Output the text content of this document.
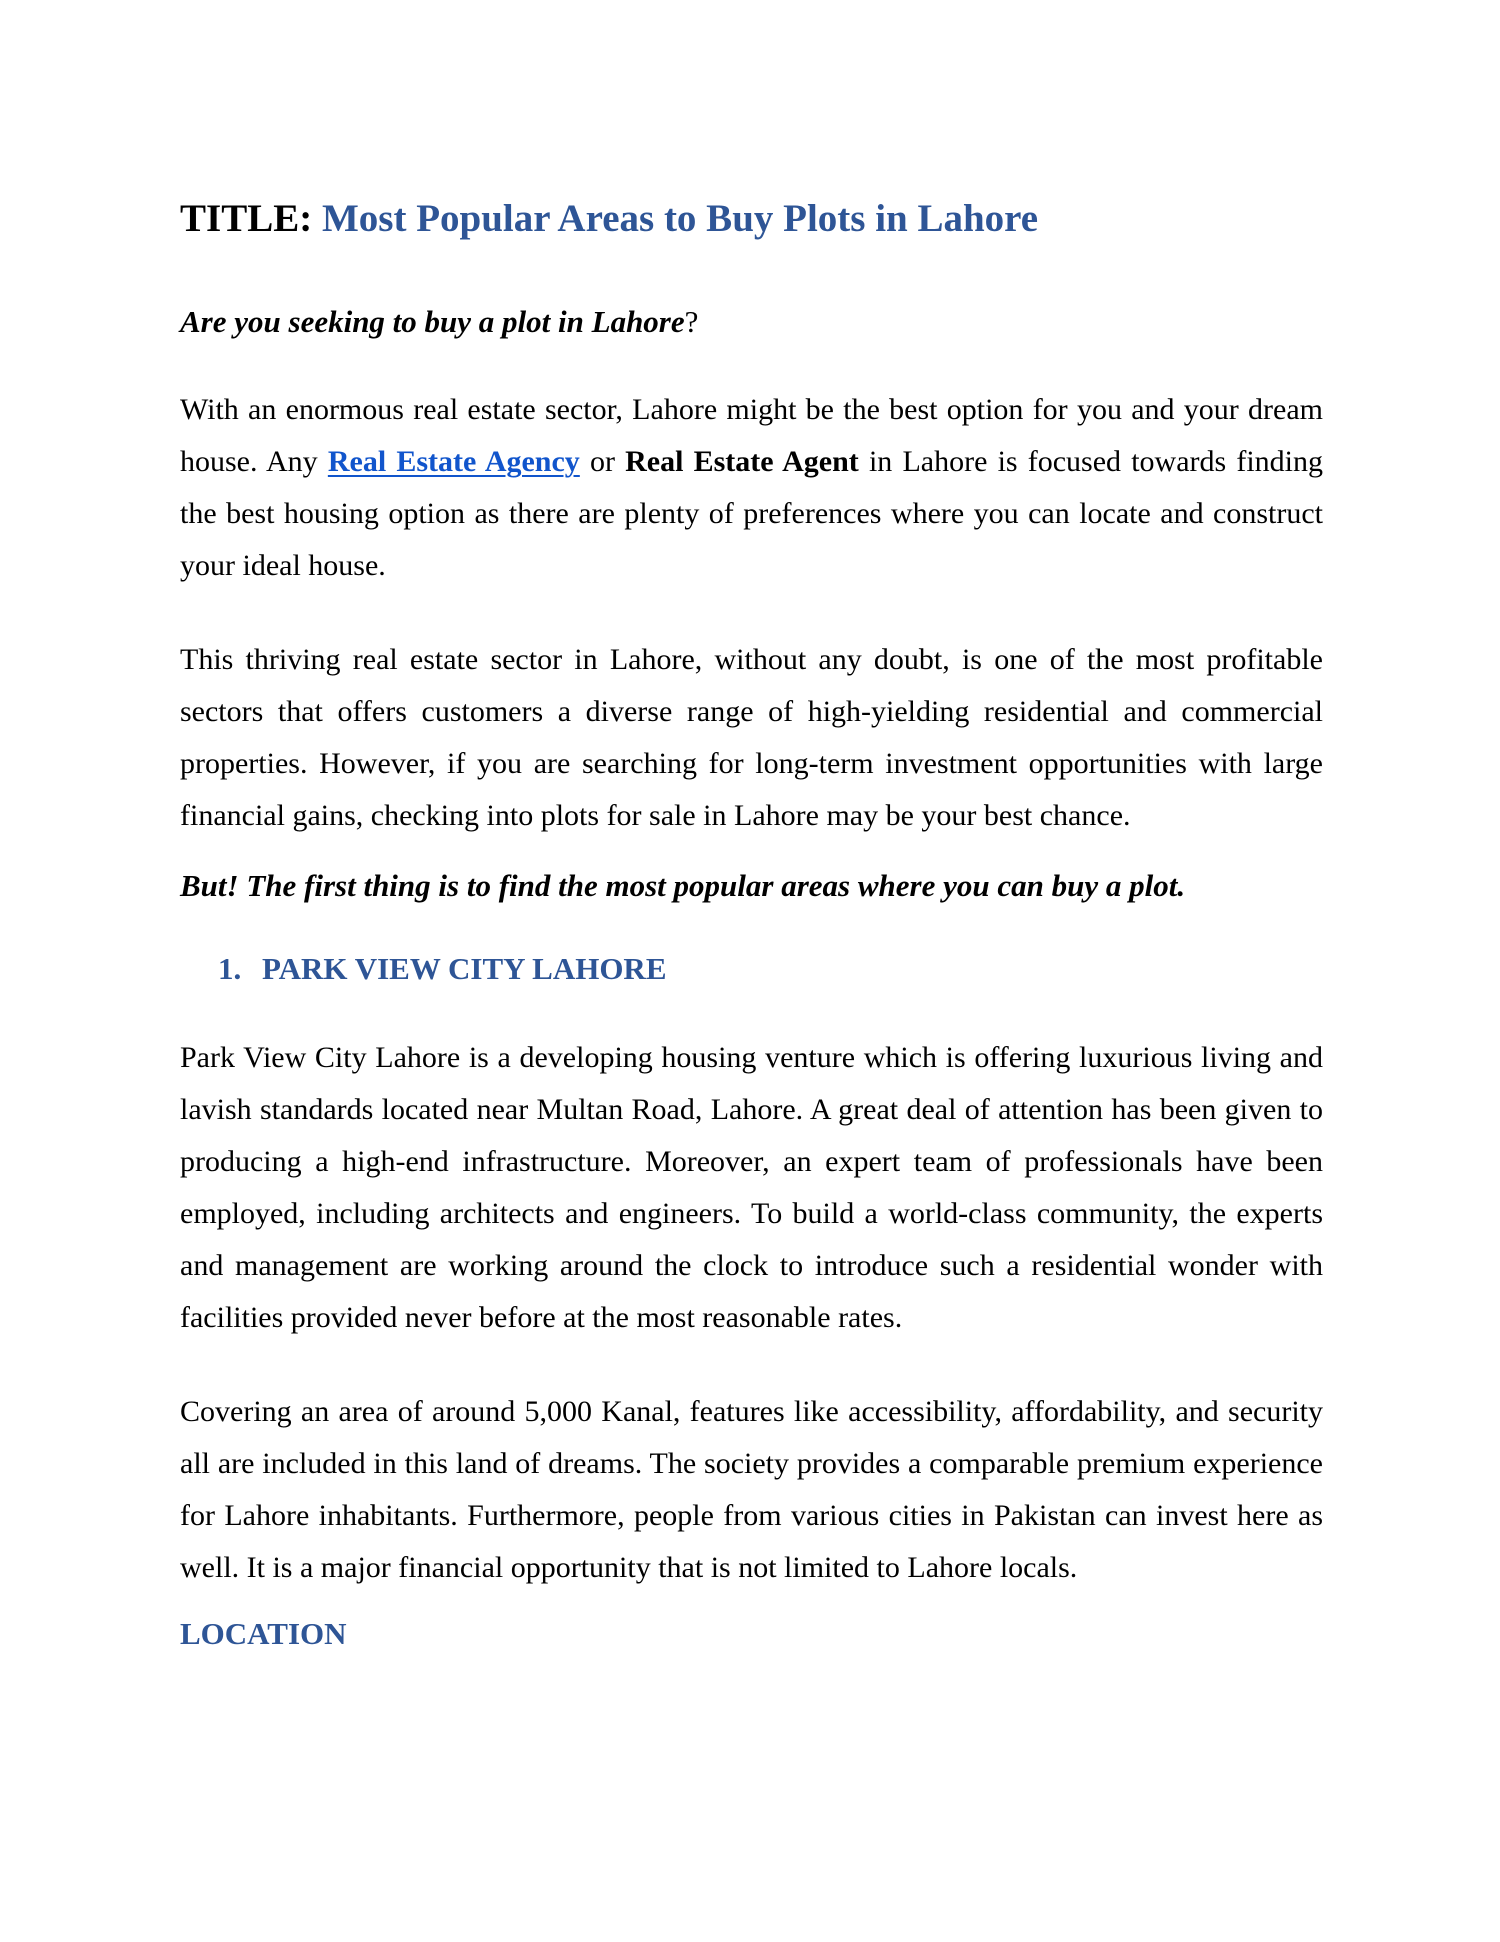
TITLE: Most Popular Areas to Buy Plots in Lahore

Are you seeking to buy a plot in Lahore?

With an enormous real estate sector, Lahore might be the best option for you and your dream house. Any Real Estate Agency or Real Estate Agent in Lahore is focused towards finding the best housing option as there are plenty of preferences where you can locate and construct your ideal house.

This thriving real estate sector in Lahore, without any doubt, is one of the most profitable sectors that offers customers a diverse range of high-yielding residential and commercial properties. However, if you are searching for long-term investment opportunities with large financial gains, checking into plots for sale in Lahore may be your best chance.

But! The first thing is to find the most popular areas where you can buy a plot.

1. PARK VIEW CITY LAHORE

Park View City Lahore is a developing housing venture which is offering luxurious living and lavish standards located near Multan Road, Lahore. A great deal of attention has been given to producing a high-end infrastructure. Moreover, an expert team of professionals have been employed, including architects and engineers. To build a world-class community, the experts and management are working around the clock to introduce such a residential wonder with facilities provided never before at the most reasonable rates.

Covering an area of around 5,000 Kanal, features like accessibility, affordability, and security all are included in this land of dreams. The society provides a comparable premium experience for Lahore inhabitants. Furthermore, people from various cities in Pakistan can invest here as well. It is a major financial opportunity that is not limited to Lahore locals.

LOCATION
